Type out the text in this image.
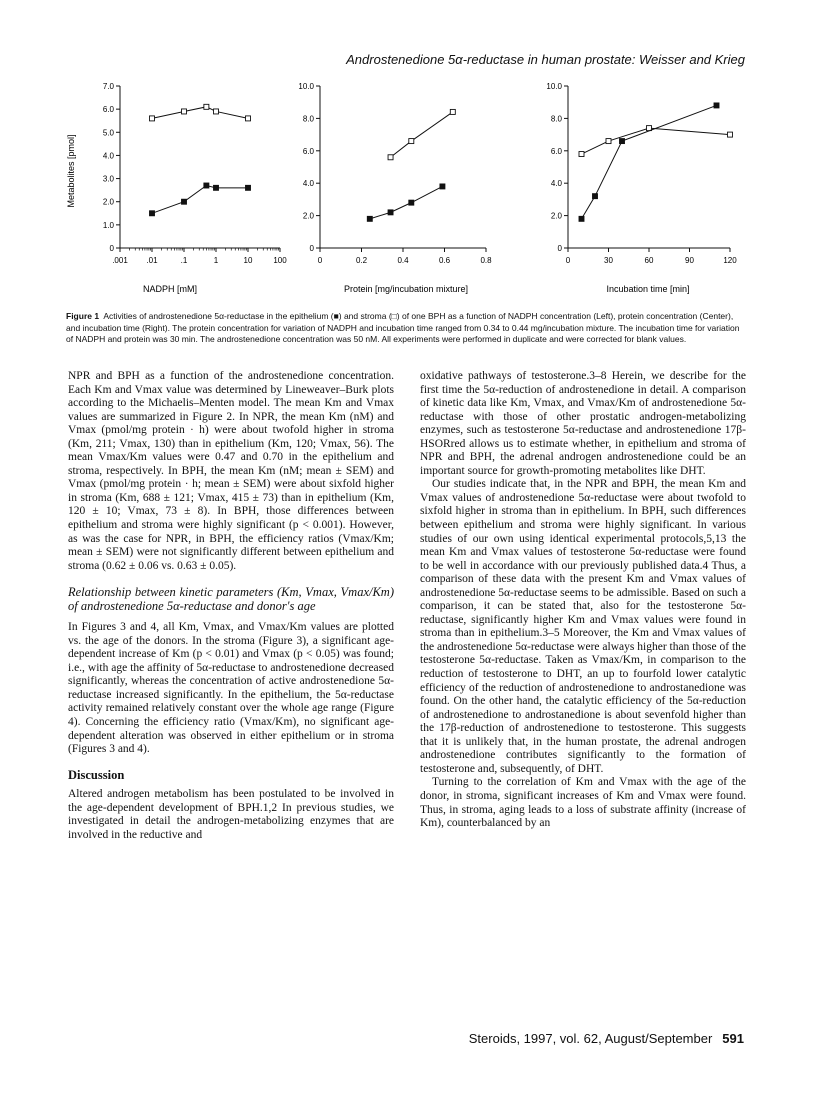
Androstenedione 5α-reductase in human prostate: Weisser and Krieg
Metabolites [pmol]
7.0
6.0
5.0
4.0
3.0
2.0
1.0
0
.001 .01	.1	1	10	100
10.0
8.0
6.0
4.0
2.0
0
0	0.2	0.4	0.6	0.8
10.0
8.0
6.0
4.0
2.0
0
0	30	60	90	120
NADPH [mM]	Protein [mg/incubation mixture]	Incubation time [min]
Figure 1 Activities of androstenedione 5α-reductase in the epithelium (■) and stroma (□) of one BPH as a function of NADPH concentration (Left), protein concentration (Center), and incubation time (Right). The protein concentration for variation of NADPH and incubation time ranged from 0.34 to 0.44 mg/incubation mixture. The incubation time for variation of NADPH and protein was 30 min. The androstenedione concentration was 50 nM. All experiments were performed in duplicate and were corrected for blank values.

NPR and BPH as a function of the androstenedione concentration. Each Km and Vmax value was determined by Lineweaver–Burk plots according to the Michaelis–Menten model. The mean Km and Vmax values are summarized in Figure 2. In NPR, the mean Km (nM) and Vmax (pmol/mg protein · h) were about twofold higher in stroma (Km, 211; Vmax, 130) than in epithelium (Km, 120; Vmax, 56). The mean Vmax/Km values were 0.47 and 0.70 in the epithelium and stroma, respectively. In BPH, the mean Km (nM; mean ± SEM) and Vmax (pmol/mg protein · h; mean ± SEM) were about sixfold higher in stroma (Km, 688 ± 121; Vmax, 415 ± 73) than in epithelium (Km, 120 ± 10; Vmax, 73 ± 8). In BPH, those differences between epithelium and stroma were highly significant (p < 0.001). However, as was the case for NPR, in BPH, the efficiency ratios (Vmax/Km; mean ± SEM) were not significantly different between epithelium and stroma (0.62 ± 0.06 vs. 0.63 ± 0.05).

Relationship between kinetic parameters (Km, Vmax, Vmax/Km) of androstenedione 5α-reductase and donor's age

In Figures 3 and 4, all Km, Vmax, and Vmax/Km values are plotted vs. the age of the donors. In the stroma (Figure 3), a significant age-dependent increase of Km (p < 0.01) and Vmax (p < 0.05) was found; i.e., with age the affinity of 5α-reductase to androstenedione decreased significantly, whereas the concentration of active androstenedione 5α-reductase increased significantly. In the epithelium, the 5α-reductase activity remained relatively constant over the whole age range (Figure 4). Concerning the efficiency ratio (Vmax/Km), no significant age-dependent alteration was observed in either epithelium or in stroma (Figures 3 and 4).

Discussion

Altered androgen metabolism has been postulated to be involved in the age-dependent development of BPH.1,2 In previous studies, we investigated in detail the androgen-metabolizing enzymes that are involved in the reductive and

oxidative pathways of testosterone.3–8 Herein, we describe for the first time the 5α-reduction of androstenedione in detail. A comparison of kinetic data like Km, Vmax, and Vmax/Km of androstenedione 5α-reductase with those of other prostatic androgen-metabolizing enzymes, such as testosterone 5α-reductase and androstenedione 17β-HSORred allows us to estimate whether, in epithelium and stroma of NPR and BPH, the adrenal androgen androstenedione could be an important source for growth-promoting metabolites like DHT.

Our studies indicate that, in the NPR and BPH, the mean Km and Vmax values of androstenedione 5α-reductase were about twofold to sixfold higher in stroma than in epithelium. In BPH, such differences between epithelium and stroma were highly significant. In various studies of our own using identical experimental protocols,5,13 the mean Km and Vmax values of testosterone 5α-reductase were found to be well in accordance with our previously published data.4 Thus, a comparison of these data with the present Km and Vmax values of androstenedione 5α-reductase seems to be admissible. Based on such a comparison, it can be stated that, also for the testosterone 5α-reductase, significantly higher Km and Vmax values were found in stroma than in epithelium.3–5 Moreover, the Km and Vmax values of the androstenedione 5α-reductase were always higher than those of the testosterone 5α-reductase. Taken as Vmax/Km, in comparison to the reduction of testosterone to DHT, an up to fourfold lower catalytic efficiency of the reduction of androstenedione to androstanedione was found. On the other hand, the catalytic efficiency of the 5α-reduction of androstenedione to androstanedione is about sevenfold higher than the 17β-reduction of androstenedione to testosterone. This suggests that it is unlikely that, in the human prostate, the adrenal androgen androstenedione contributes significantly to the formation of testosterone and, subsequently, of DHT.

Turning to the correlation of Km and Vmax with the age of the donor, in stroma, significant increases of Km and Vmax were found. Thus, in stroma, aging leads to a loss of substrate affinity (increase of Km), counterbalanced by an

Steroids, 1997, vol. 62, August/September 591
